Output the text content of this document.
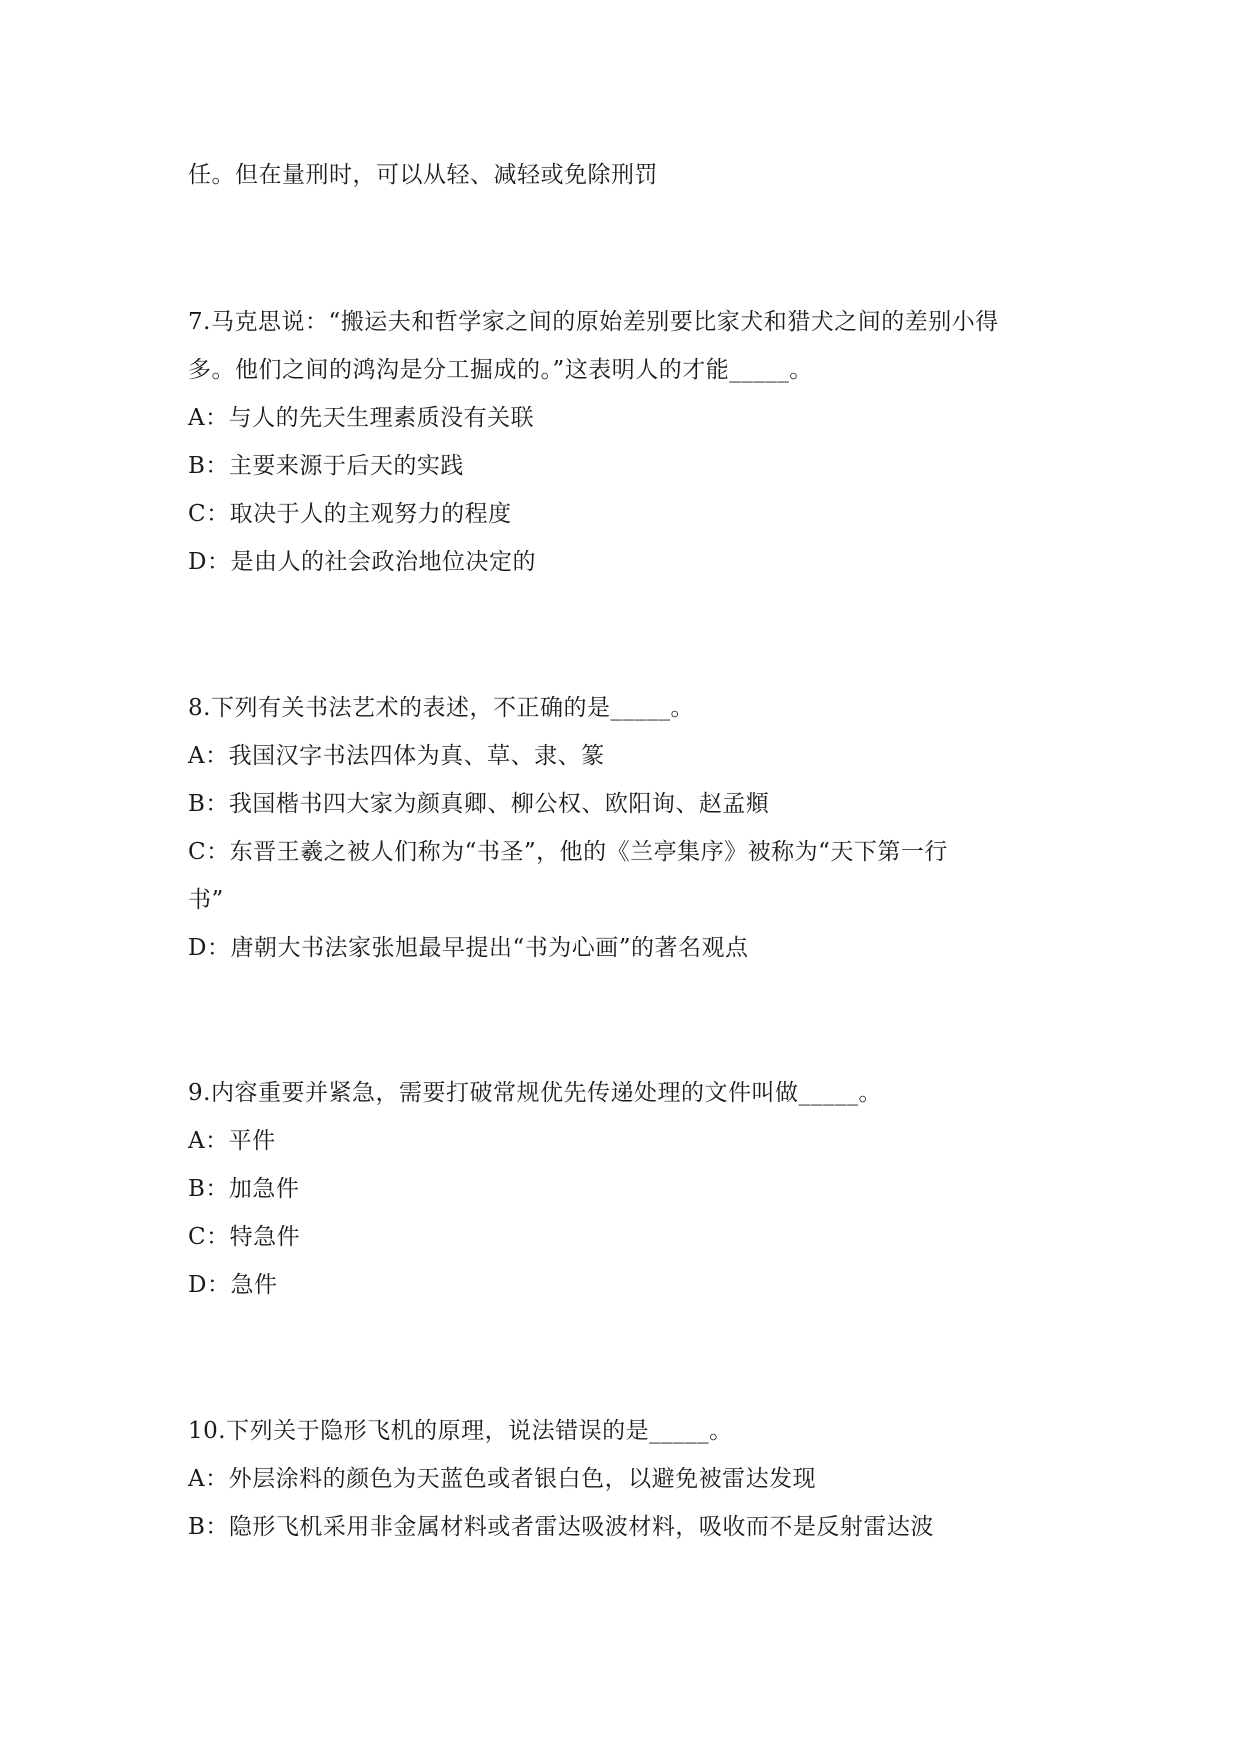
任。但在量刑时，可以从轻、减轻或免除刑罚
7.马克思说：“搬运夫和哲学家之间的原始差别要比家犬和猎犬之间的差别小得
多。他们之间的鸿沟是分工掘成的。”这表明人的才能_____。
A：与人的先天生理素质没有关联
B：主要来源于后天的实践
C：取决于人的主观努力的程度
D：是由人的社会政治地位决定的
8.下列有关书法艺术的表述，不正确的是_____。
A：我国汉字书法四体为真、草、隶、篆
B：我国楷书四大家为颜真卿、柳公权、欧阳询、赵孟頫
C：东晋王羲之被人们称为“书圣”，他的《兰亭集序》被称为“天下第一行
书”
D：唐朝大书法家张旭最早提出“书为心画”的著名观点
9.内容重要并紧急，需要打破常规优先传递处理的文件叫做_____。
A：平件
B：加急件
C：特急件
D：急件
10.下列关于隐形飞机的原理，说法错误的是_____。
A：外层涂料的颜色为天蓝色或者银白色，以避免被雷达发现
B：隐形飞机采用非金属材料或者雷达吸波材料，吸收而不是反射雷达波
